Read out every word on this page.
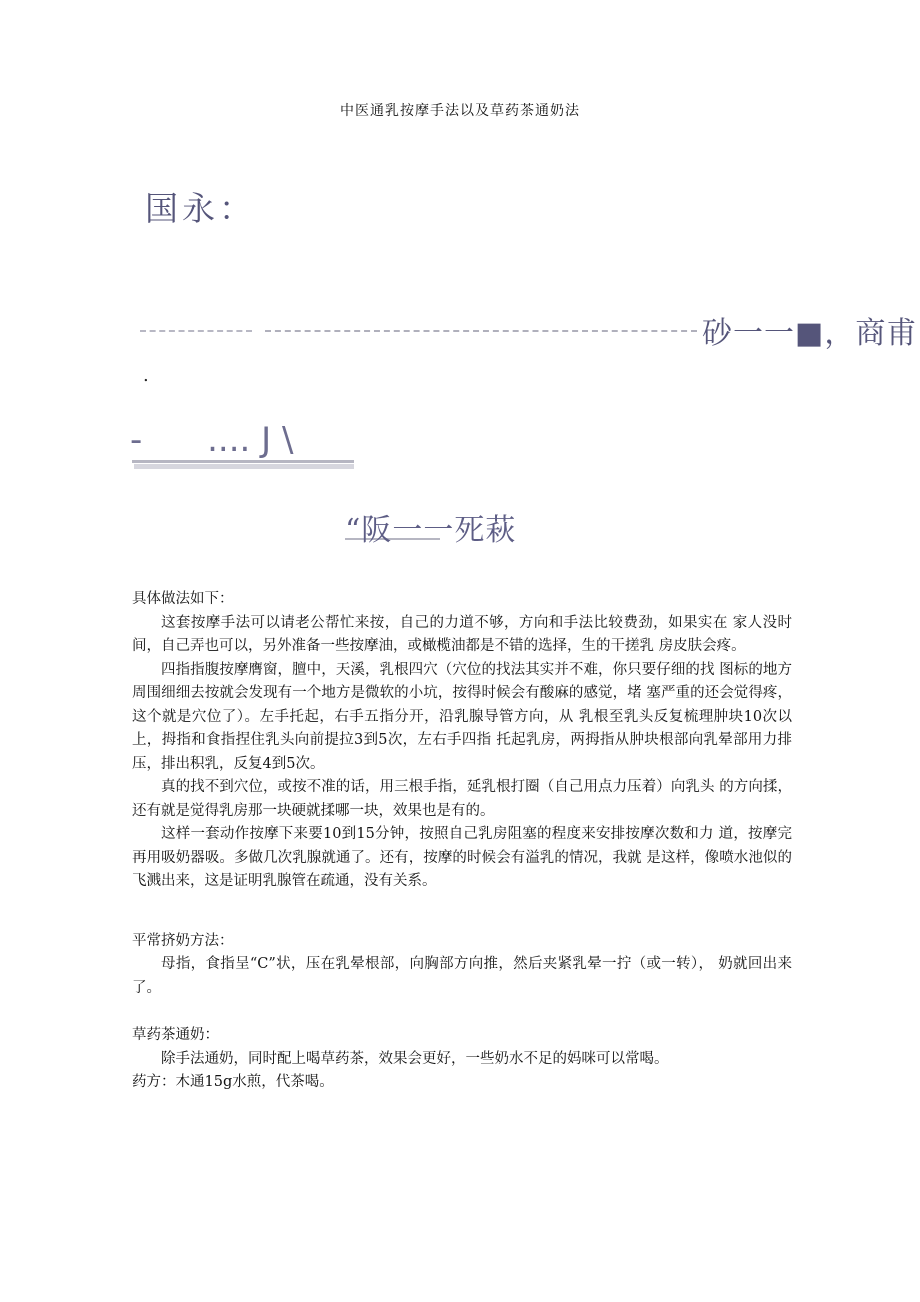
中医通乳按摩手法以及草药茶通奶法
国永：
砂一一■，商甫
.
-      .... J \
“阪一一死萩

具体做法如下：

这套按摩手法可以请老公帮忙来按，自己的力道不够，方向和手法比较费劲，如果实在 家人没时间，自己弄也可以，另外准备一些按摩油，或橄榄油都是不错的选择，生的干搓乳 房皮肤会疼。

四指指腹按摩膺窗，膻中，天溪，乳根四穴（穴位的找法其实并不难，你只要仔细的找 图标的地方周围细细去按就会发现有一个地方是微软的小坑，按得时候会有酸麻的感觉，堵 塞严重的还会觉得疼，这个就是穴位了）。左手托起，右手五指分开，沿乳腺导管方向，从 乳根至乳头反复梳理肿块10次以上，拇指和食指捏住乳头向前提拉3到5次，左右手四指 托起乳房，两拇指从肿块根部向乳晕部用力排压，排出积乳，反复4到5次。

真的找不到穴位，或按不准的话，用三根手指，延乳根打圈（自己用点力压着）向乳头 的方向揉，还有就是觉得乳房那一块硬就揉哪一块，效果也是有的。

这样一套动作按摩下来要10到15分钟，按照自己乳房阻塞的程度来安排按摩次数和力 道，按摩完再用吸奶器吸。多做几次乳腺就通了。还有，按摩的时候会有溢乳的情况，我就 是这样，像喷水池似的飞溅出来，这是证明乳腺管在疏通，没有关系。

平常挤奶方法：

母指，食指呈“C”状，压在乳晕根部，向胸部方向推，然后夹紧乳晕一拧（或一转）， 奶就回出来了。

草药茶通奶：

除手法通奶，同时配上喝草药茶，效果会更好，一些奶水不足的妈咪可以常喝。

药方：木通15g水煎，代茶喝。
